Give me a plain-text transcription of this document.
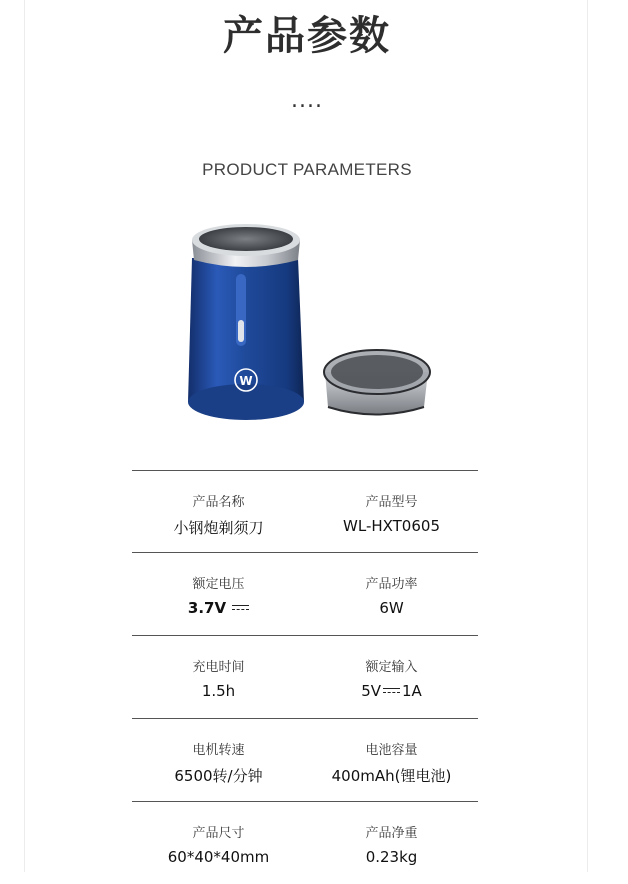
产品参数
....
PRODUCT PARAMETERS
W
产品名称
小钢炮剃须刀
产品型号
WL-HXT0605
额定电压
3.7V
产品功率
6W
充电时间
1.5h
额定输入
5V 1A
电机转速
6500转/分钟
电池容量
400mAh(锂电池)
产品尺寸
60*40*40mm
产品净重
0.23kg
